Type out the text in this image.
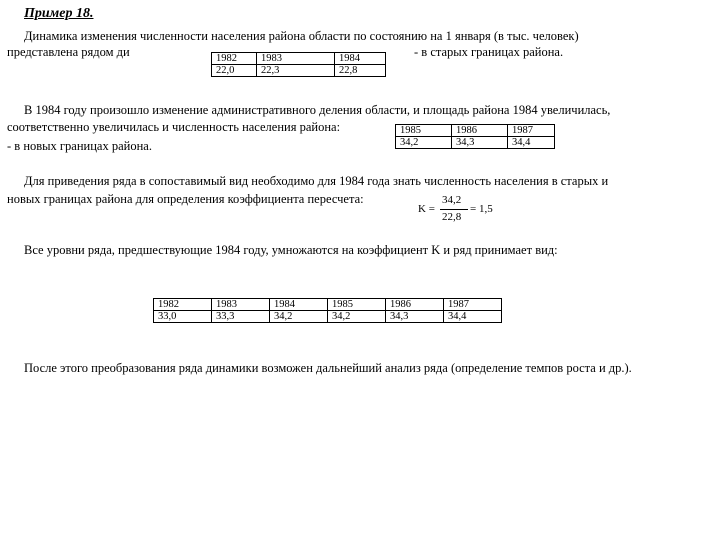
Пример 18.
Динамика изменения численности населения района области по состоянию на 1 января (в тыс. человек)
представлена рядом ди	- в старых границах района.
1982	1983	1984
22,0	22,3	22,8
В 1984 году произошло изменение административного деления области, и площадь района 1984 увеличилась,
соответственно увеличилась и численность населения района:
- в новых границах района.
1985	1986	1987
34,2	34,3	34,4
Для приведения ряда в сопоставимый вид необходимо для 1984 года знать численность населения в старых и
новых границах района для определения коэффициента пересчета:
K =
34,2
22,8
= 1,5
Все уровни ряда, предшествующие 1984 году, умножаются на коэффициент K и ряд принимает вид:
1982	1983	1984	1985	1986	1987
33,0	33,3	34,2	34,2	34,3	34,4
После этого преобразования ряда динамики возможен дальнейший анализ ряда (определение темпов роста и др.).
